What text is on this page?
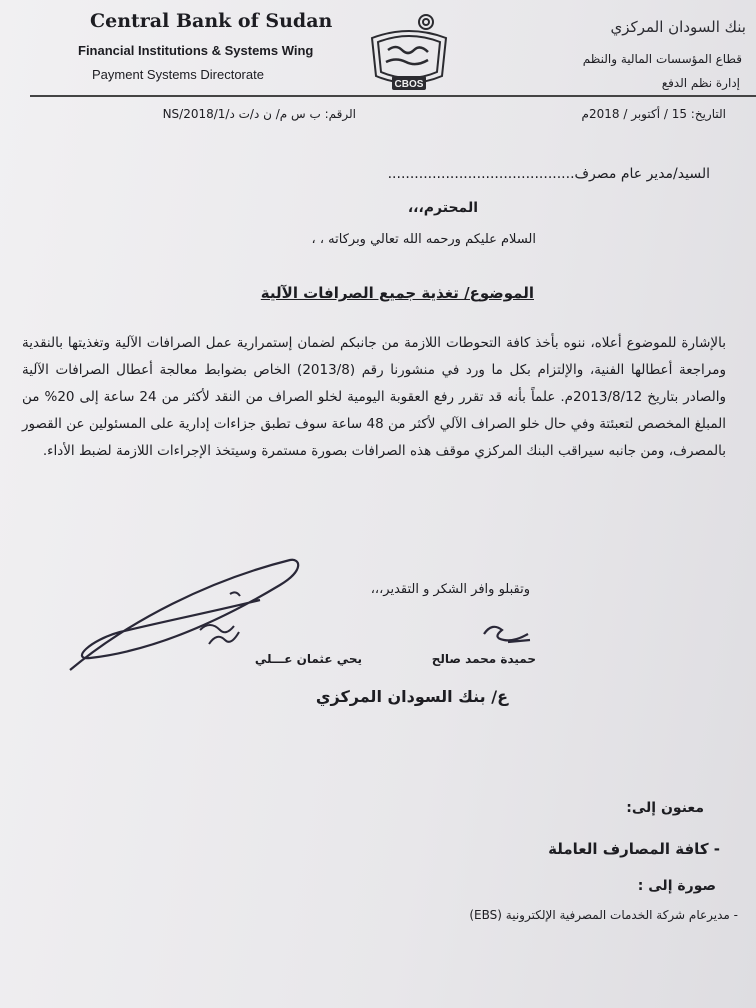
Central Bank of Sudan
Financial Institutions & Systems Wing
Payment Systems Directorate
CBOS
بنك السودان المركزي
قطاع المؤسسات المالية والنظم
إدارة نظم الدفع
التاريخ: 15 / أكتوبر / 2018م
الرقم: ب س م/ ن د/ت د/2018/1/NS
السيد/مدير عام مصرف..........................................
المحترم،،،
السلام عليكم ورحمه الله تعالي وبركاته ، ،
الموضوع/ تغذية جميع الصرافات الآلية
بالإشارة للموضوع أعلاه، ننوه بأخذ كافة التحوطات اللازمة من جانبكم لضمان إستمرارية عمل الصرافات الآلية وتغذيتها بالنقدية ومراجعة أعطالها الفنية، والإلتزام بكل ما ورد في منشورنا رقم (2013/8) الخاص بضوابط معالجة أعطال الصرافات الآلية والصادر بتاريخ 2013/8/12م. علماً بأنه قد تقرر رفع العقوبة اليومية لخلو الصراف من النقد لأكثر من 24 ساعة إلى 20% من المبلغ المخصص لتعبئتة وفي حال خلو الصراف الآلي لأكثر من 48 ساعة سوف تطبق جزاءات إدارية على المسئولين عن القصور بالمصرف، ومن جانبه سيراقب البنك المركزي موقف هذه الصرافات بصورة مستمرة وسيتخذ الإجراءات اللازمة لضبط الأداء.
وتقبلو وافر الشكر و التقدير،،،
حميدة محمد صالح
يحي عثمان عـــلي
ع/ بنك السودان المركزي
معنون إلى:
- كافة المصارف العاملة
صورة إلى :
- مديرعام شركة الخدمات المصرفية الإلكترونية (EBS)
